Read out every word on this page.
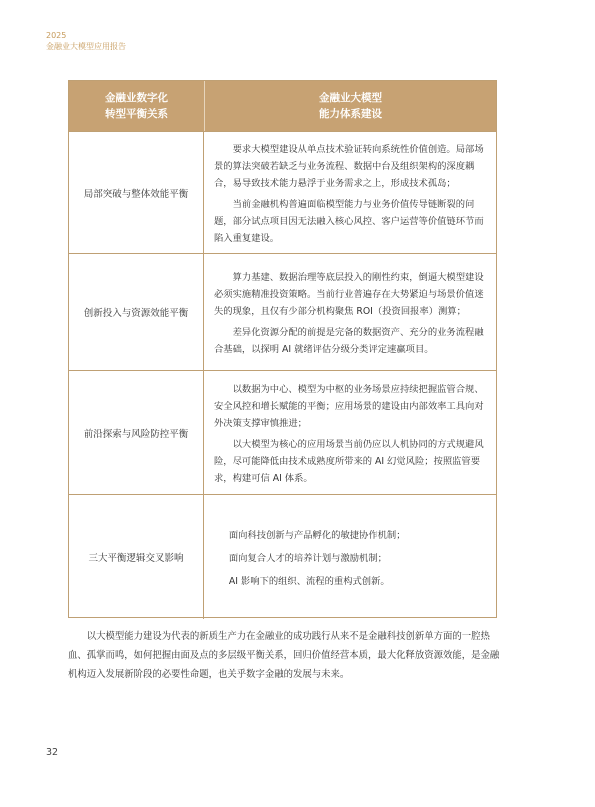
2025
金融业大模型应用报告
金融业数字化
转型平衡关系
金融业大模型
能力体系建设
局部突破与整体效能平衡

要求大模型建设从单点技术验证转向系统性价值创造。局部场景的算法突破若缺乏与业务流程、数据中台及组织架构的深度耦合，易导致技术能力悬浮于业务需求之上，形成技术孤岛；

当前金融机构普遍面临模型能力与业务价值传导链断裂的问题，部分试点项目因无法融入核心风控、客户运营等价值链环节而陷入重复建设。

创新投入与资源效能平衡

算力基建、数据治理等底层投入的刚性约束，倒逼大模型建设必须实施精准投资策略。当前行业普遍存在大势紧迫与场景价值迷失的现象，且仅有少部分机构聚焦 ROI（投资回报率）测算；

差异化资源分配的前提是完备的数据资产、充分的业务流程融合基础，以探明 AI 就绪评估分级分类评定速赢项目。

前沿探索与风险防控平衡

以数据为中心、模型为中枢的业务场景应持续把握监管合规、安全风控和增长赋能的平衡；应用场景的建设由内部效率工具向对外决策支撑审慎推进；

以大模型为核心的应用场景当前仍应以人机协同的方式规避风险，尽可能降低由技术成熟度所带来的 AI 幻觉风险；按照监管要求，构建可信 AI 体系。

三大平衡逻辑交叉影响
面向科技创新与产品孵化的敏捷协作机制；
面向复合人才的培养计划与激励机制；
AI 影响下的组织、流程的重构式创新。

以大模型能力建设为代表的新质生产力在金融业的成功践行从来不是金融科技创新单方面的一腔热血、孤掌而鸣，如何把握由面及点的多层级平衡关系，回归价值经营本质，最大化释放资源效能，是金融机构迈入发展新阶段的必要性命题，也关乎数字金融的发展与未来。

32
